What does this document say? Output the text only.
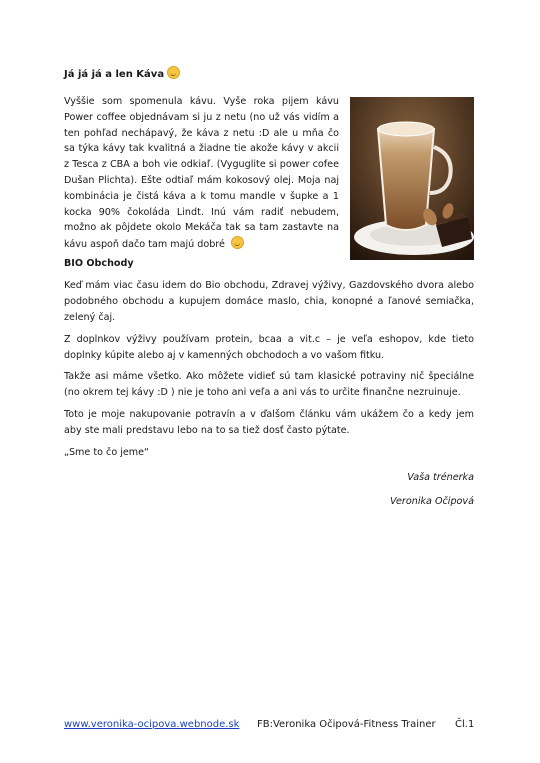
Já já já a len Káva

Vyššie som spomenula kávu. Vyše roka pijem kávu Power coffee objednávam si ju z netu (no už vás vidím a ten pohľad nechápavý, že káva z netu :D ale u mňa čo sa týka kávy tak kvalitná a žiadne tie akože kávy v akcii z Tesca z CBA a boh vie odkiaľ. (Vyguglite si power cofee Dušan Plichta). Ešte odtiaľ mám kokosový olej. Moja naj kombinácia je čistá káva a k tomu mandle v šupke a 1 kocka 90% čokoláda Lindt. Inú vám radiť nebudem, možno ak pôjdete okolo Mekáča tak sa tam zastavte na kávu aspoň dačo tam majú dobré

BIO Obchody

Keď mám viac času idem do Bio obchodu, Zdravej výživy, Gazdovského dvora alebo podobného obchodu a kupujem domáce maslo, chia, konopné a ľanové semiačka, zelený čaj.

Z doplnkov výživy používam protein, bcaa a vit.c – je veľa eshopov, kde tieto doplnky kúpite alebo aj v kamenných obchodoch a vo vašom fitku.

Takže asi máme všetko. Ako môžete vidieť sú tam klasické potraviny nič špeciálne (no okrem tej kávy :D ) nie je toho ani veľa a ani vás to určite finančne nezruinuje.

Toto je moje nakupovanie potravín a v ďalšom článku vám ukážem čo a kedy jem aby ste mali predstavu lebo na to sa tiež dosť často pýtate.

„Sme to čo jeme“

Vaša trénerka
Veronika Očipová
www.veronika-ocipova.webnode.sk FB:Veronika Očipová-Fitness Trainer Čl.1
